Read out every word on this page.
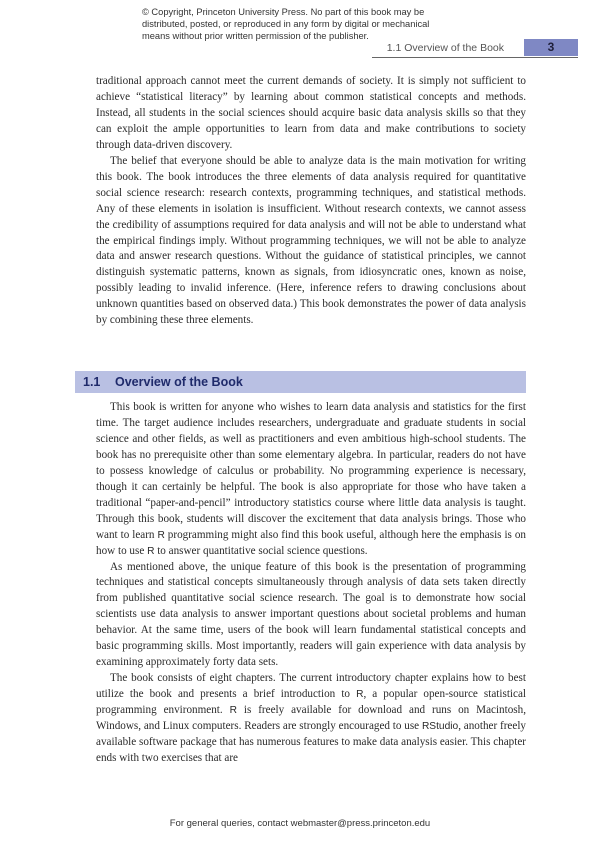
© Copyright, Princeton University Press. No part of this book may be distributed, posted, or reproduced in any form by digital or mechanical means without prior written permission of the publisher.
1.1 Overview of the Book	3

traditional approach cannot meet the current demands of society. It is simply not sufficient to achieve “statistical literacy” by learning about common statistical concepts and methods. Instead, all students in the social sciences should acquire basic data analysis skills so that they can exploit the ample opportunities to learn from data and make contributions to society through data-driven discovery.

The belief that everyone should be able to analyze data is the main motivation for writing this book. The book introduces the three elements of data analysis required for quantitative social science research: research contexts, programming techniques, and statistical methods. Any of these elements in isolation is insufficient. Without research contexts, we cannot assess the credibility of assumptions required for data analysis and will not be able to understand what the empirical findings imply. Without programming techniques, we will not be able to analyze data and answer research questions. Without the guidance of statistical principles, we cannot distinguish systematic patterns, known as signals, from idiosyncratic ones, known as noise, possibly leading to invalid inference. (Here, inference refers to drawing conclusions about unknown quantities based on observed data.) This book demonstrates the power of data analysis by combining these three elements.

1.1 Overview of the Book

This book is written for anyone who wishes to learn data analysis and statistics for the first time. The target audience includes researchers, undergraduate and graduate students in social science and other fields, as well as practitioners and even ambitious high-school students. The book has no prerequisite other than some elementary algebra. In particular, readers do not have to possess knowledge of calculus or probability. No programming experience is necessary, though it can certainly be helpful. The book is also appropriate for those who have taken a traditional “paper-and-pencil” introductory statistics course where little data analysis is taught. Through this book, students will discover the excitement that data analysis brings. Those who want to learn R programming might also find this book useful, although here the emphasis is on how to use R to answer quantitative social science questions.

As mentioned above, the unique feature of this book is the presentation of programming techniques and statistical concepts simultaneously through analysis of data sets taken directly from published quantitative social science research. The goal is to demonstrate how social scientists use data analysis to answer important questions about societal problems and human behavior. At the same time, users of the book will learn fundamental statistical concepts and basic programming skills. Most importantly, readers will gain experience with data analysis by examining approximately forty data sets.

The book consists of eight chapters. The current introductory chapter explains how to best utilize the book and presents a brief introduction to R, a popular open-source statistical programming environment. R is freely available for download and runs on Macintosh, Windows, and Linux computers. Readers are strongly encouraged to use RStudio, another freely available software package that has numerous features to make data analysis easier. This chapter ends with two exercises that are

For general queries, contact webmaster@press.princeton.edu
